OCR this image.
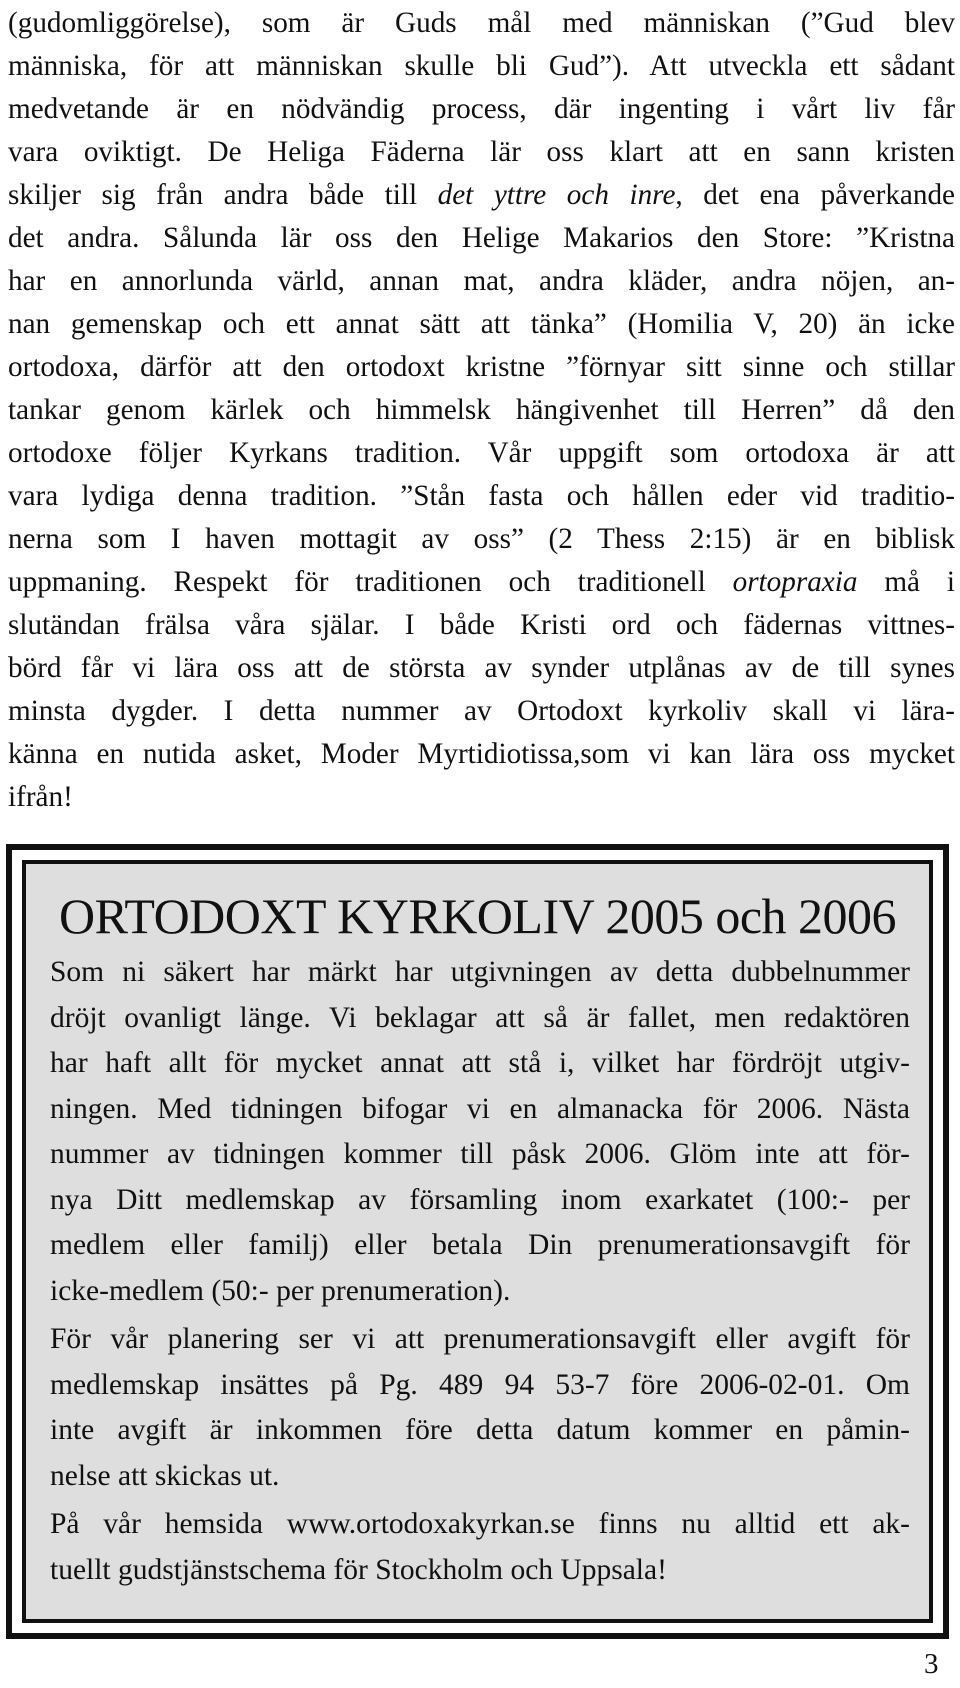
(gudomliggörelse), som är Guds mål med människan (”Gud blev
människa, för att människan skulle bli Gud”). Att utveckla ett sådant
medvetande är en nödvändig process, där ingenting i vårt liv får
vara oviktigt. De Heliga Fäderna lär oss klart att en sann kristen
skiljer sig från andra både till det yttre och inre, det ena påverkande
det andra. Sålunda lär oss den Helige Makarios den Store: ”Kristna
har en annorlunda värld, annan mat, andra kläder, andra nöjen, an-
nan gemenskap och ett annat sätt att tänka” (Homilia V, 20) än icke
ortodoxa, därför att den ortodoxt kristne ”förnyar sitt sinne och stillar
tankar genom kärlek och himmelsk hängivenhet till Herren” då den
ortodoxe följer Kyrkans tradition. Vår uppgift som ortodoxa är att
vara lydiga denna tradition. ”Stån fasta och hållen eder vid traditio-
nerna som I haven mottagit av oss” (2 Thess 2:15) är en biblisk
uppmaning. Respekt för traditionen och traditionell ortopraxia må i
slutändan frälsa våra själar. I både Kristi ord och fädernas vittnes-
börd får vi lära oss att de största av synder utplånas av de till synes
minsta dygder. I detta nummer av Ortodoxt kyrkoliv skall vi lära-
känna en nutida asket, Moder Myrtidiotissa,som vi kan lära oss mycket
ifrån!
ORTODOXT KYRKOLIV 2005 och 2006
Som ni säkert har märkt har utgivningen av detta dubbelnummer
dröjt ovanligt länge. Vi beklagar att så är fallet, men redaktören
har haft allt för mycket annat att stå i, vilket har fördröjt utgiv-
ningen. Med tidningen bifogar vi en almanacka för 2006. Nästa
nummer av tidningen kommer till påsk 2006. Glöm inte att för-
nya Ditt medlemskap av församling inom exarkatet (100:- per
medlem eller familj) eller betala Din prenumerationsavgift för
icke-medlem (50:- per prenumeration).
För vår planering ser vi att prenumerationsavgift eller avgift för
medlemskap insättes på Pg. 489 94 53-7 före 2006-02-01. Om
inte avgift är inkommen före detta datum kommer en påmin-
nelse att skickas ut.
På vår hemsida www.ortodoxakyrkan.se finns nu alltid ett ak-
tuellt gudstjänstschema för Stockholm och Uppsala!
3
